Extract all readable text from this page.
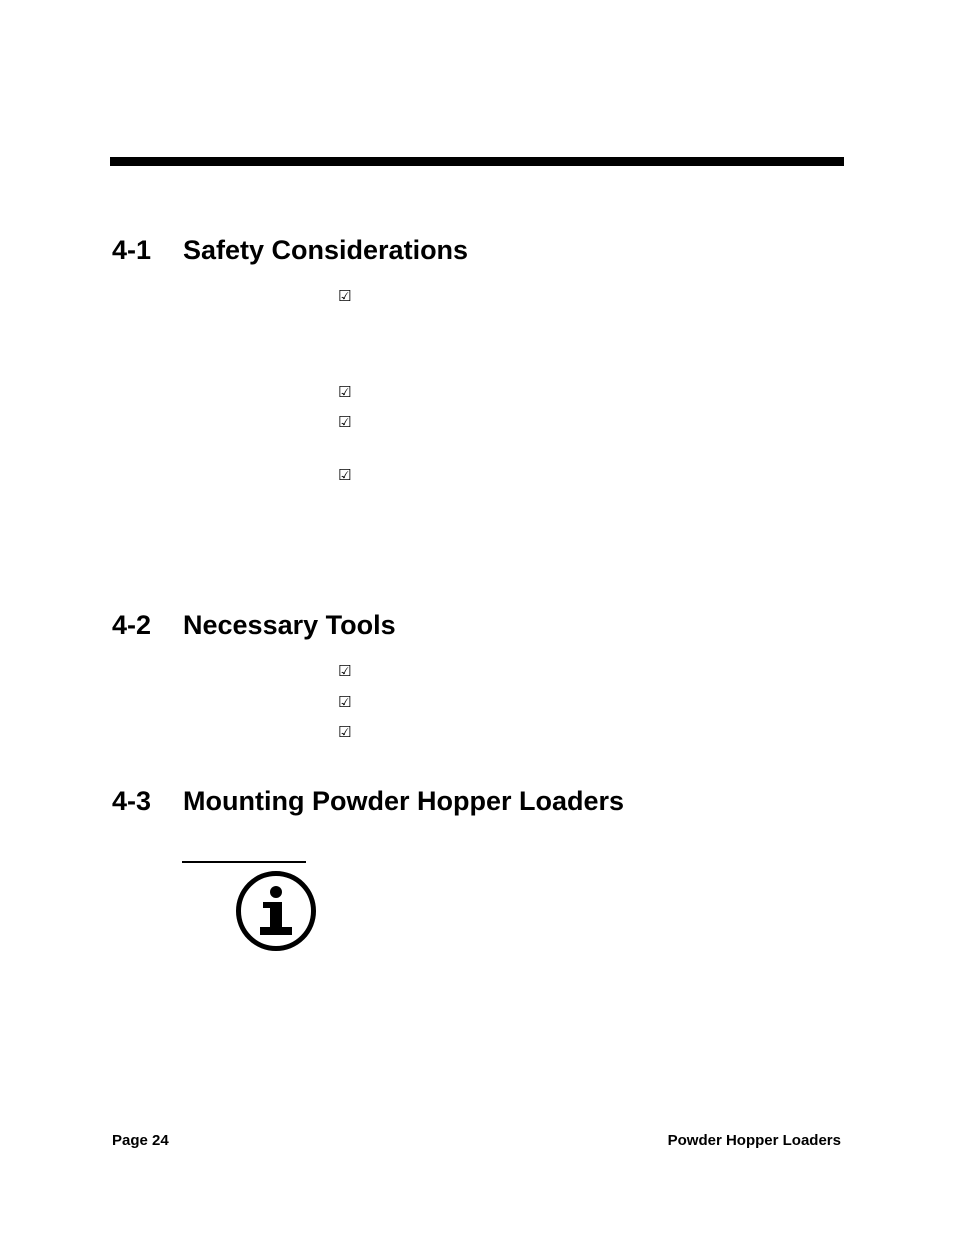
4-1 Safety Considerations
☑
☑
☑
☑
4-2 Necessary Tools
☑
☑
☑
4-3 Mounting Powder Hopper Loaders

Page 24	Powder Hopper Loaders
